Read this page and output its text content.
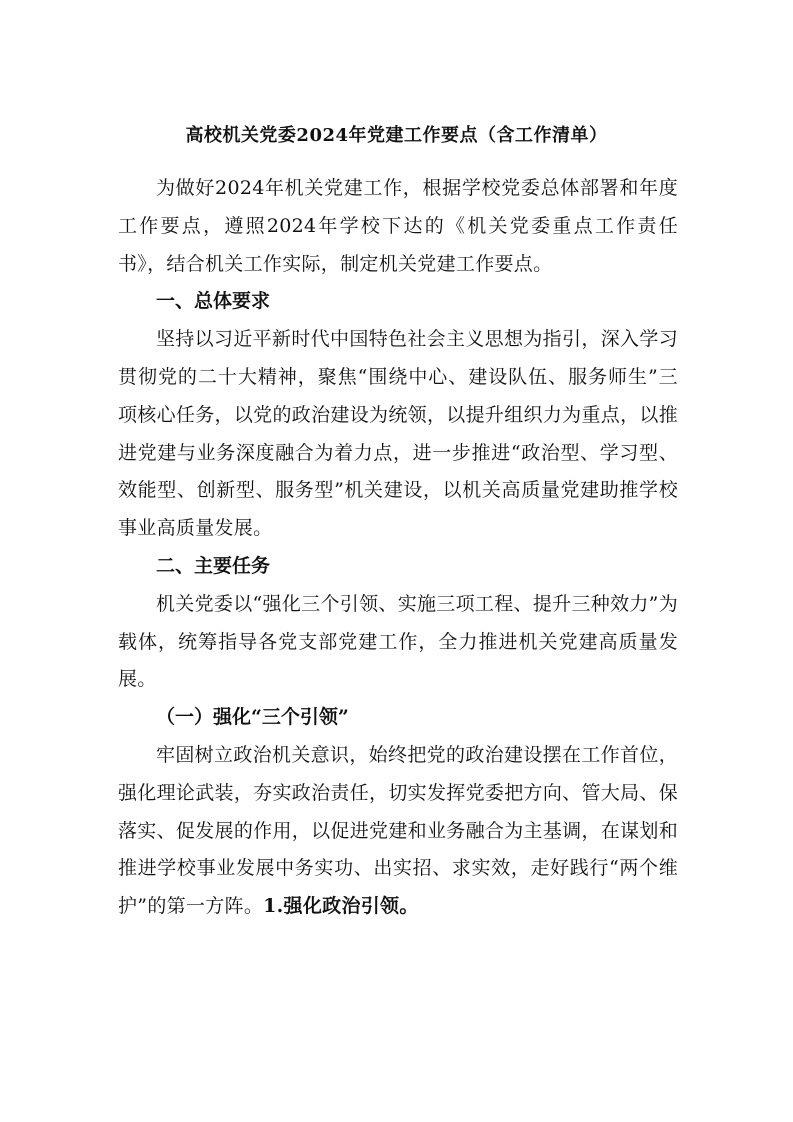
高校机关党委2024年党建工作要点（含工作清单）

为做好2024年机关党建工作，根据学校党委总体部署和年度工作要点，遵照2024年学校下达的《机关党委重点工作责任书》，结合机关工作实际，制定机关党建工作要点。

一、总体要求

坚持以习近平新时代中国特色社会主义思想为指引，深入学习贯彻党的二十大精神，聚焦“围绕中心、建设队伍、服务师生”三项核心任务，以党的政治建设为统领，以提升组织力为重点，以推进党建与业务深度融合为着力点，进一步推进“政治型、学习型、效能型、创新型、服务型”机关建设，以机关高质量党建助推学校事业高质量发展。

二、主要任务

机关党委以“强化三个引领、实施三项工程、提升三种效力”为载体，统筹指导各党支部党建工作，全力推进机关党建高质量发展。

（一）强化“三个引领”

牢固树立政治机关意识，始终把党的政治建设摆在工作首位，强化理论武装，夯实政治责任，切实发挥党委把方向、管大局、保落实、促发展的作用，以促进党建和业务融合为主基调，在谋划和推进学校事业发展中务实功、出实招、求实效，走好践行“两个维护”的第一方阵。1.强化政治引领。
